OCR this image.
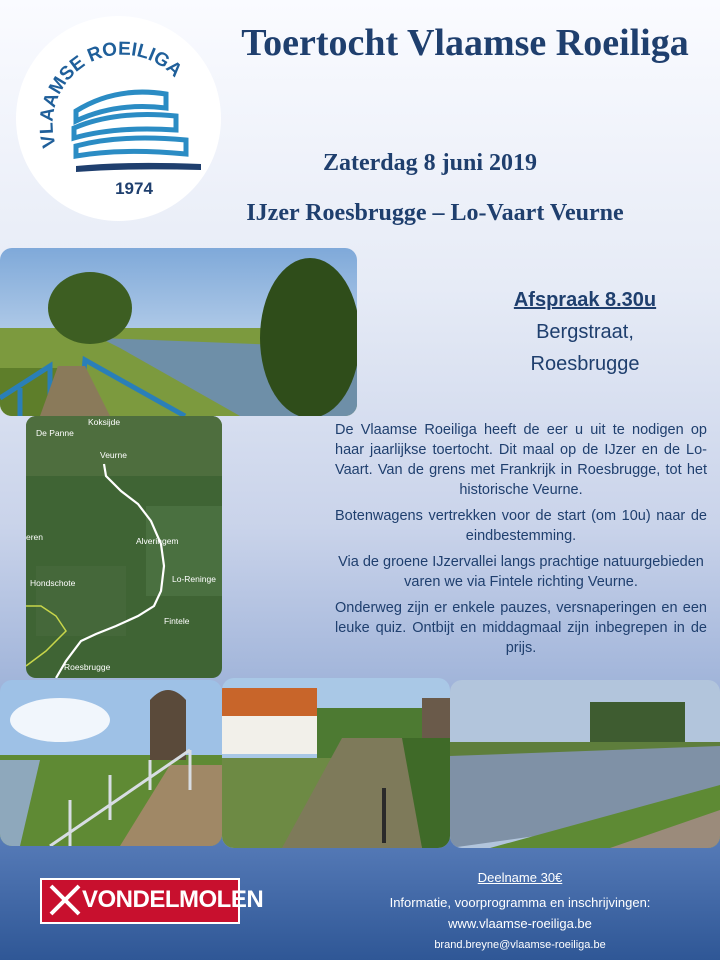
VLAAMSE ROEILIGA
1974
Toertocht Vlaamse Roeiliga
Zaterdag 8 juni 2019
IJzer Roesbrugge – Lo-Vaart Veurne
Afspraak 8.30u
Bergstraat,
Roesbrugge
De Panne
Koksijde
Veurne
Alveringem
eren
Lo-Reninge
Hondschote
Fintele
Roesbrugge

De Vlaamse Roeiliga heeft de eer u uit te nodigen op haar jaarlijkse toertocht. Dit maal op de IJzer en de Lo-Vaart. Van de grens met Frankrijk in Roesbrugge, tot het historische Veurne.

Botenwagens vertrekken voor de start (om 10u) naar de eindbestemming.

Via de groene IJzervallei langs prachtige natuurgebieden varen we via Fintele richting Veurne.

Onderweg zijn er enkele pauzes, versnaperingen en een leuke quiz. Ontbijt en middagmaal zijn inbegrepen in de prijs.

VONDELMOLEN
Deelname 30€
Informatie, voorprogramma en inschrijvingen:
www.vlaamse-roeiliga.be
brand.breyne@vlaamse-roeiliga.be
